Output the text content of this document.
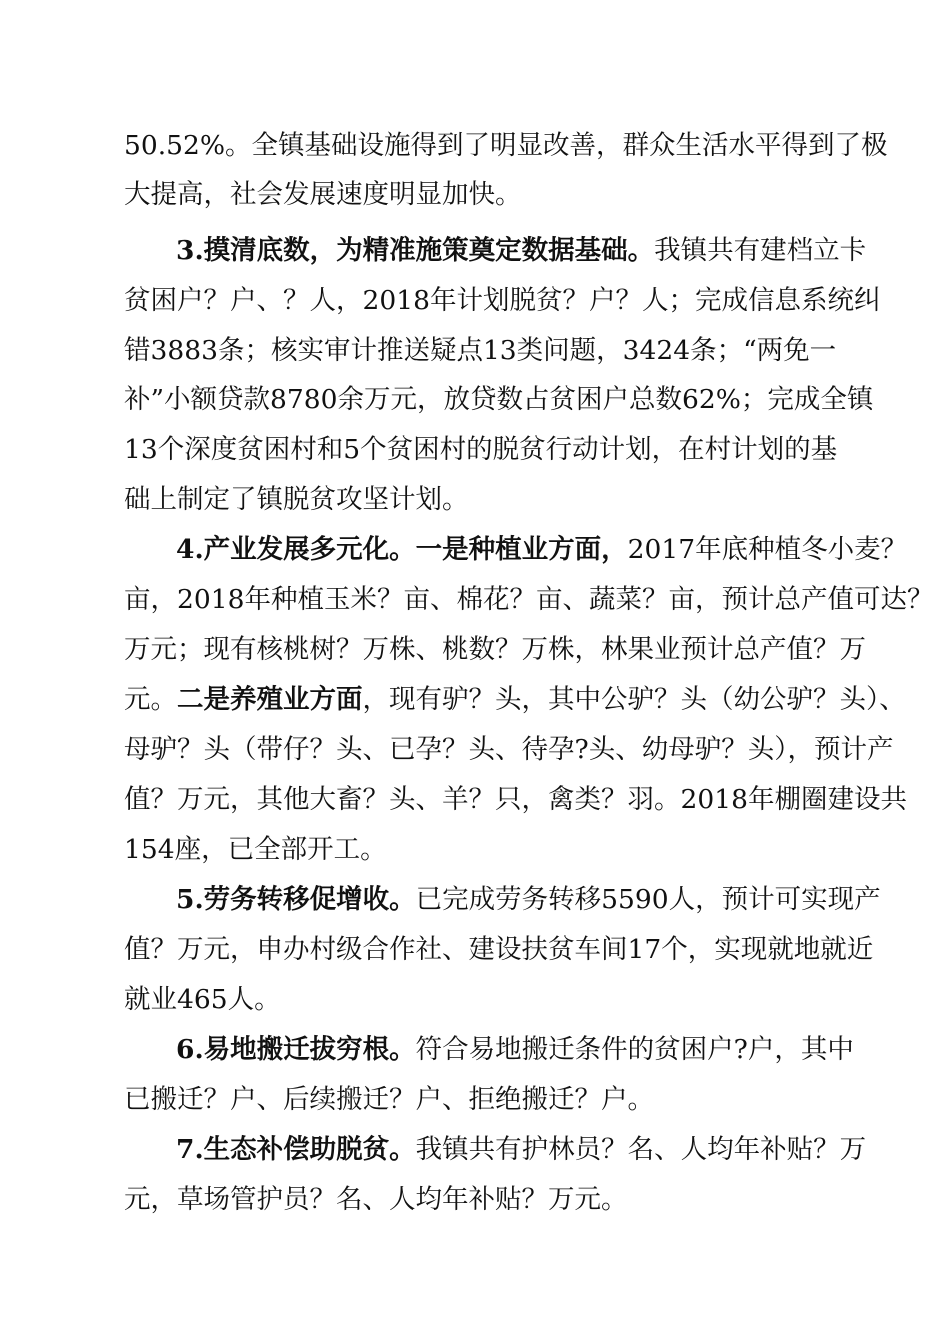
50.52%。全镇基础设施得到了明显改善，群众生活水平得到了极
大提高，社会发展速度明显加快。
3.摸清底数，为精准施策奠定数据基础。我镇共有建档立卡
贫困户？户、？人，2018年计划脱贫？户？人；完成信息系统纠
错3883条；核实审计推送疑点13类问题，3424条；“两免一
补”小额贷款8780余万元，放贷数占贫困户总数62%；完成全镇
13个深度贫困村和5个贫困村的脱贫行动计划，在村计划的基
础上制定了镇脱贫攻坚计划。
4.产业发展多元化。一是种植业方面，2017年底种植冬小麦？
亩，2018年种植玉米？亩、棉花？亩、蔬菜？亩，预计总产值可达？
万元；现有核桃树？万株、桃数？万株，林果业预计总产值？万
元。二是养殖业方面，现有驴？头，其中公驴？头（幼公驴？头）、
母驴？头（带仔？头、已孕？头、待孕?头、幼母驴？头），预计产
值？万元，其他大畜？头、羊？只，禽类？羽。2018年棚圈建设共
154座，已全部开工。
5.劳务转移促增收。已完成劳务转移5590人，预计可实现产
值？万元，申办村级合作社、建设扶贫车间17个，实现就地就近
就业465人。
6.易地搬迁拔穷根。符合易地搬迁条件的贫困户?户，其中
已搬迁？户、后续搬迁？户、拒绝搬迁？户。
7.生态补偿助脱贫。我镇共有护林员？名、人均年补贴？万
元，草场管护员？名、人均年补贴？万元。
